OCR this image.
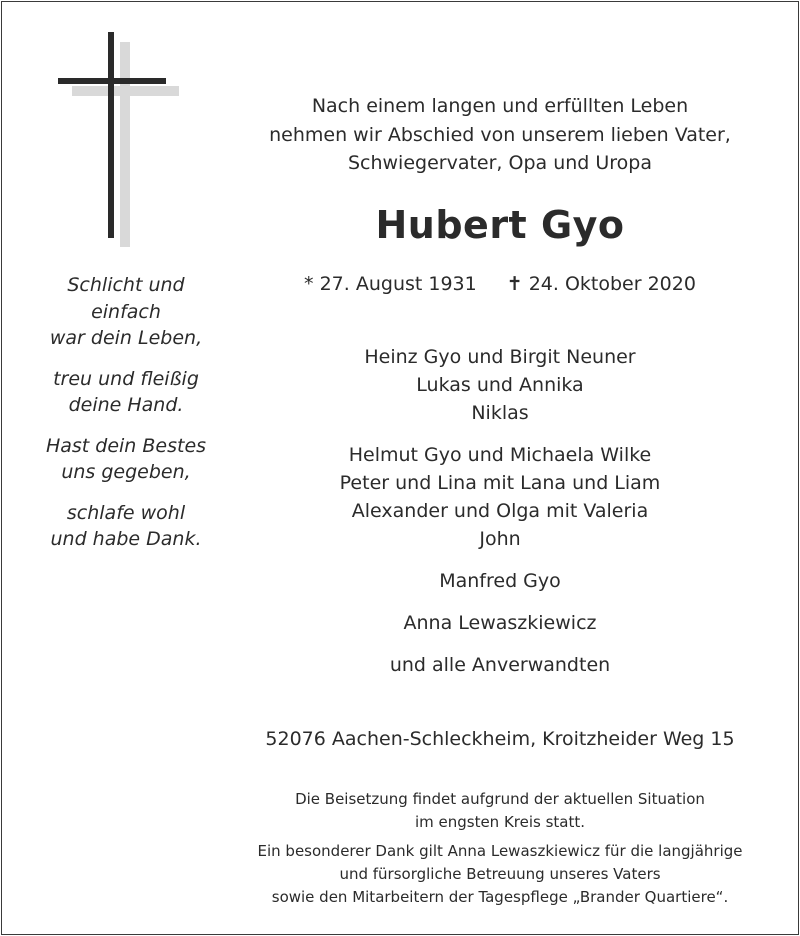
Schlicht und
einfach
war dein Leben,

treu und fleißig
deine Hand.

Hast dein Bestes
uns gegeben,

schlafe wohl
und habe Dank.

Nach einem langen und erfüllten Leben
nehmen wir Abschied von unserem lieben Vater,
Schwiegervater, Opa und Uropa
Hubert Gyo
* 27. August 1931 ✝ 24. Oktober 2020
Heinz Gyo und Birgit Neuner
Lukas und Annika
Niklas
Helmut Gyo und Michaela Wilke
Peter und Lina mit Lana und Liam
Alexander und Olga mit Valeria
John
Manfred Gyo
Anna Lewaszkiewicz
und alle Anverwandten
52076 Aachen-Schleckheim, Kroitzheider Weg 15
Die Beisetzung findet aufgrund der aktuellen Situation
im engsten Kreis statt.
Ein besonderer Dank gilt Anna Lewaszkiewicz für die langjährige
und fürsorgliche Betreuung unseres Vaters
sowie den Mitarbeitern der Tagespflege „Brander Quartiere“.
